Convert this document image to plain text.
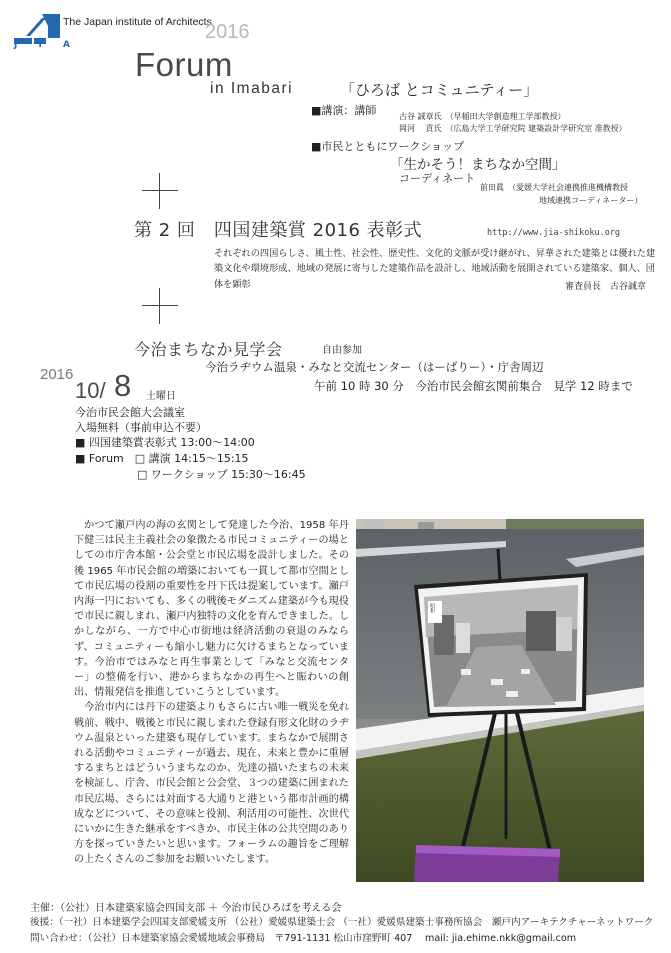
J I A
The Japan institute of Architects
2016
Forum
in Imabari	「ひろば とコミュニティー」
■講演：講師	古谷 誠章氏　（早稲田大学創造理工学部教授）
岡河　 貢氏　（広島大学工学研究院 建築設計学研究室 准教授）
■市民とともにワークショップ
「生かそう！まちなか空間」
コーディネート
前田眞　（愛媛大学社会連携推進機構教授
地域連携コーディネーター）
第 2 回　四国建築賞 2016 表彰式	http://www.jia-shikoku.org
それぞれの四国らしさ、風土性、社会性、歴史性、文化的文脈が受け継がれ、昇華された建築とは優れた建築文化や環境形成、地域の発展に寄与した建築作品を設計し、地域活動を展開されている建築家、個人、団体を顕彰	審査員長　古谷誠章
今治まちなか見学会	自由参加
今治ラヂウム温泉・みなと交流センター（はーばりー）・庁舎周辺
午前 10 時 30 分　今治市民会館玄関前集合　見学 12 時まで
2016
10/ 8 土曜日
今治市民会館大会議室
入場無料（事前申込不要）
■ 四国建築賞表彰式 13:00～14:00
■ Forum　□ 講演 14:15～15:15
□ ワークショップ 15:30～16:45

かつて瀬戸内の海の玄関として発達した今治、1958 年丹下健三は民主主義社会の象徴たる市民コミュニティーの場としての市庁舎本館・公会堂と市民広場を設計しました。その後 1965 年市民会館の増築においても一貫して都市空間として市民広場の役割の重要性を丹下氏は提案しています。瀬戸内海一円においても、多くの戦後モダニズム建築が今も現役で市民に親しまれ、瀬戸内独特の文化を育んできました。しかしながら、一方で中心市街地は経済活動の衰退のみならず、コミュニティーも縮小し魅力に欠けるまちとなっています。今治市ではみなと再生事業として「みなと交流センター」の整備を行い、港からまちなかの再生へと賑わいの創出、情報発信を推進していこうとしています。

今治市内には丹下の建築よりもさらに古い唯一戦災を免れ戦前、戦中、戦後と市民に親しまれた登録有形文化財のラヂウム温泉といった建築も現存しています。まちなかで展開される活動やコミュニティーが過去、現在、未来と豊かに重層するまちとはどういうまちなのか、先達の描いたまちの未来を検証し、庁舎、市民会館と公会堂、３つの建築に囲まれた市民広場、さらには対面する大通りと港という都市計画的構成などについて、その意味と役割、利活用の可能性、次世代にいかに生きた継承をすべきか、市民主体の公共空間のあり方を探っていきたいと思います。フォーラムの趣旨をご理解の上たくさんのご参加をお願いいたします。

昭和
主催：（公社）日本建築家協会四国支部 ＋ 今治市民ひろばを考える会
後援：（一社）日本建築学会四国支部愛媛支所 （公社）愛媛県建築士会 （一社）愛媛県建築士事務所協会　瀬戸内アーキテクチャーネットワーク
問い合わせ：（公社）日本建築家協会愛媛地域会事務局　〒791-1131 松山市窪野町 407　 mail: jia.ehime.nkk@gmail.com
